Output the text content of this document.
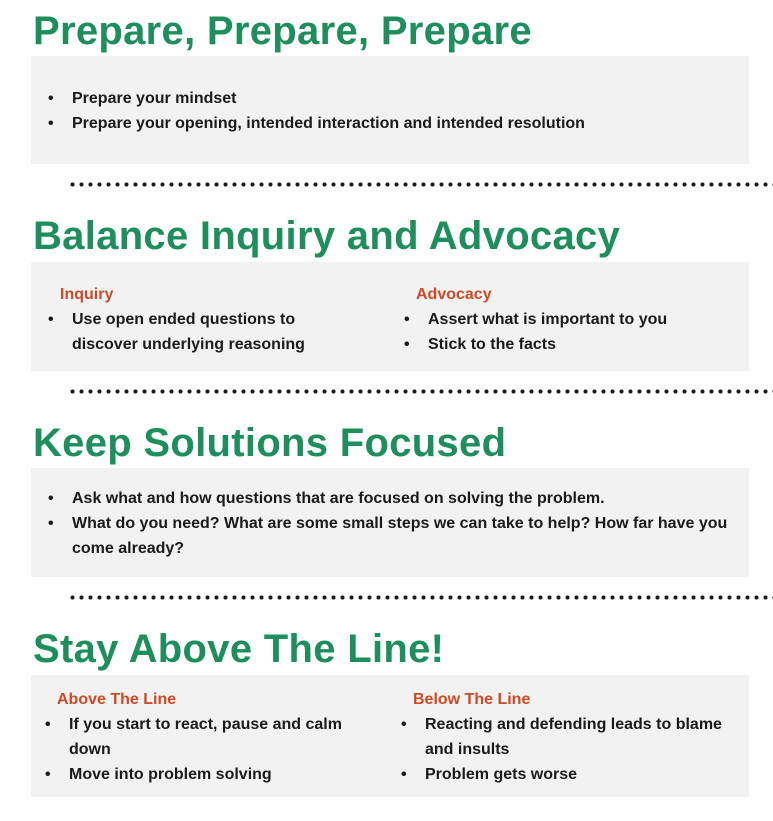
Prepare, Prepare, Prepare
• Prepare your mindset
• Prepare your opening, intended interaction and intended resolution
Balance Inquiry and Advocacy
Inquiry
• Use open ended questions to discover underlying reasoning
Advocacy
• Assert what is important to you
• Stick to the facts
Keep Solutions Focused
• Ask what and how questions that are focused on solving the problem.
• What do you need? What are some small steps we can take to help? How far have you come already?
Stay Above The Line!
Above The Line
• If you start to react, pause and calm down
• Move into problem solving
Below The Line
• Reacting and defending leads to blame and insults
• Problem gets worse
